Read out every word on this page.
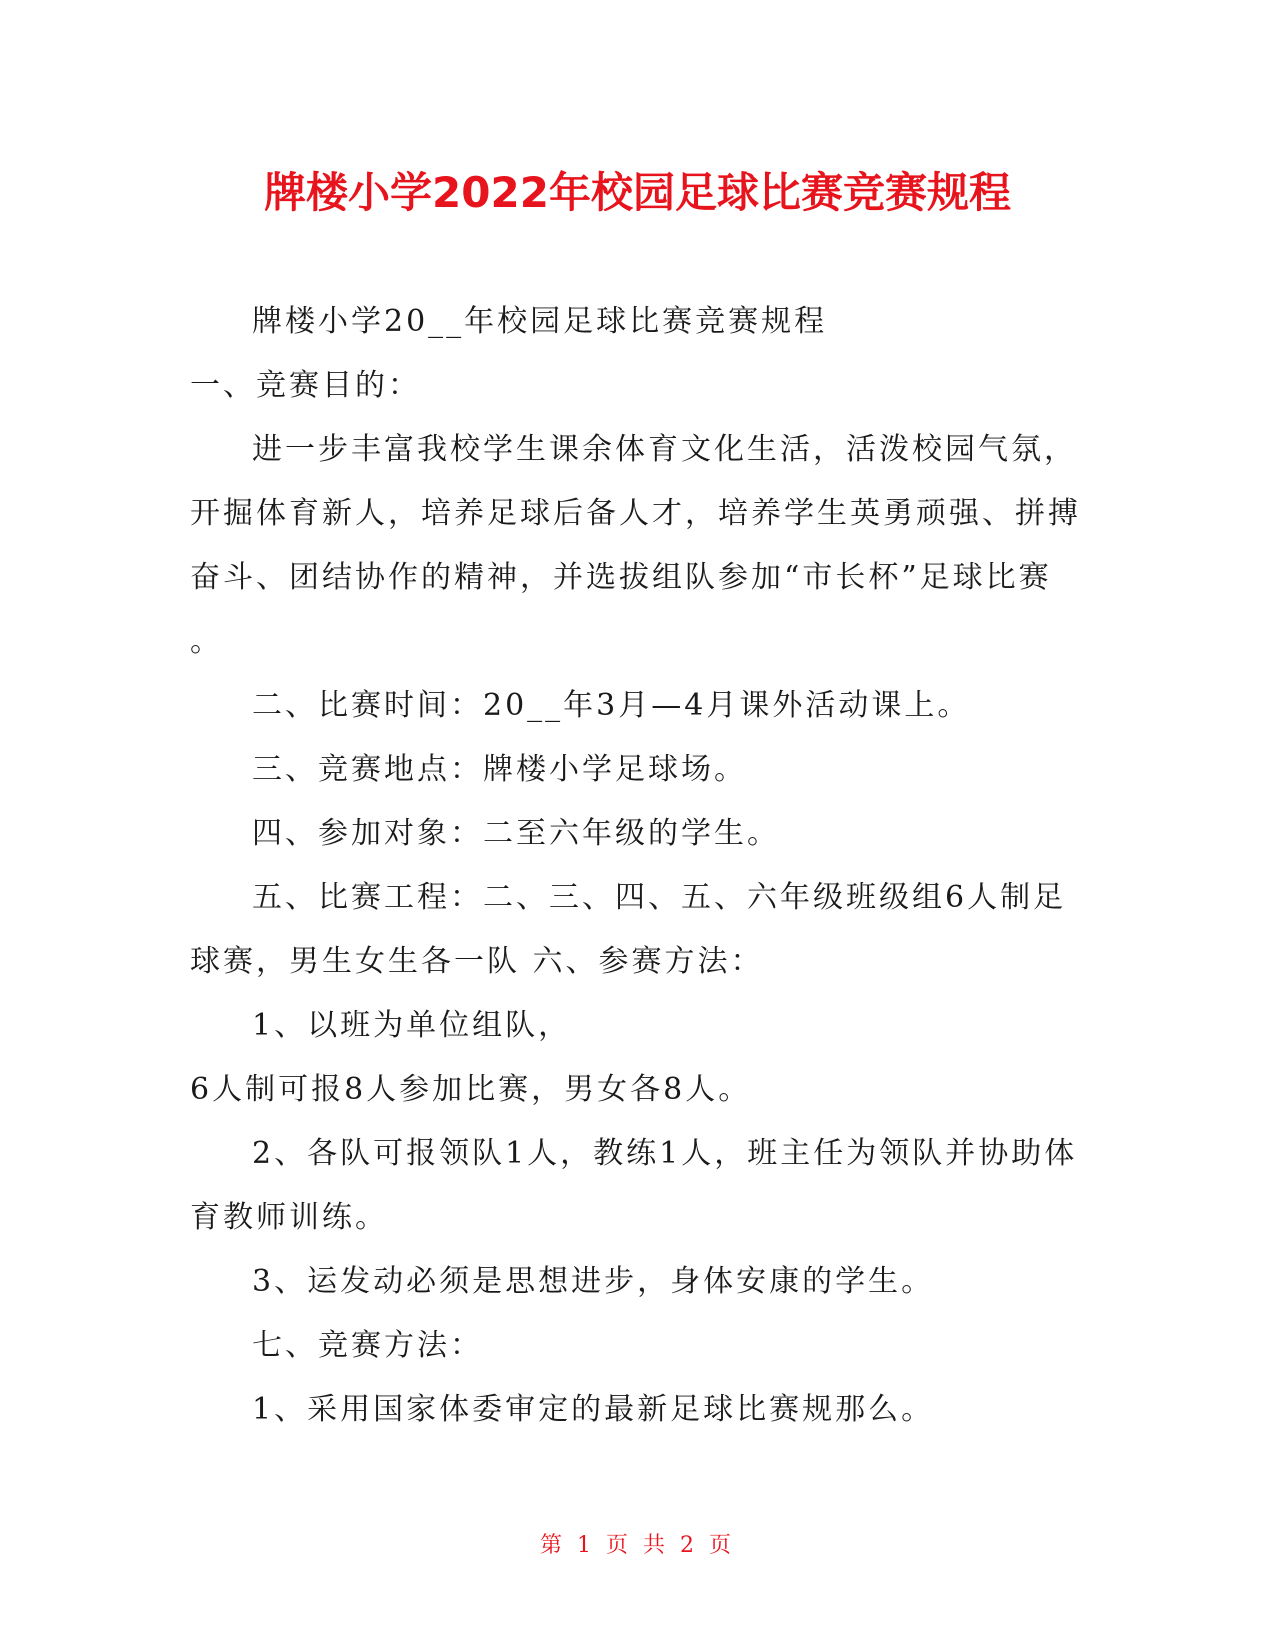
牌楼小学2022年校园足球比赛竞赛规程
牌楼小学20__年校园足球比赛竞赛规程
一、竞赛目的：
进一步丰富我校学生课余体育文化生活，活泼校园气氛，
开掘体育新人，培养足球后备人才，培养学生英勇顽强、拼搏
奋斗、团结协作的精神，并选拔组队参加“市长杯”足球比赛
。
二、比赛时间：20__年3月—4月课外活动课上。
三、竞赛地点：牌楼小学足球场。
四、参加对象：二至六年级的学生。
五、比赛工程：二、三、四、五、六年级班级组6人制足
球赛，男生女生各一队 六、参赛方法：
1、以班为单位组队，
6人制可报8人参加比赛，男女各8人。
2、各队可报领队1人，教练1人，班主任为领队并协助体
育教师训练。
3、运发动必须是思想进步，身体安康的学生。
七、竞赛方法：
1、采用国家体委审定的最新足球比赛规那么。
第 1 页 共 2 页
